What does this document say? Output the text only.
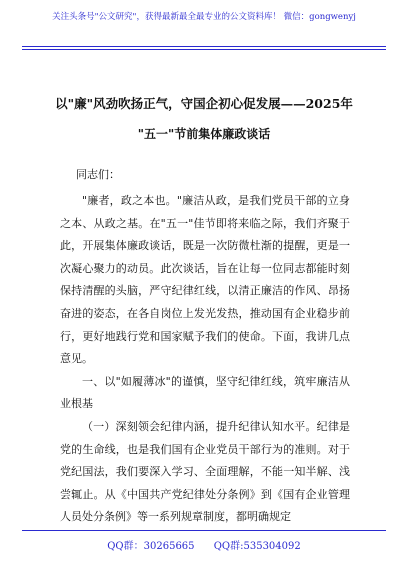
关注头条号"公文研究"，获得最新最全最专业的公文资料库！ 微信：gongwenyj
以"廉"风劲吹扬正气，守国企初心促发展——2025年
"五一"节前集体廉政谈话
同志们：

"廉者，政之本也。"廉洁从政，是我们党员干部的立身之本、从政之基。在"五一"佳节即将来临之际，我们齐聚于此，开展集体廉政谈话，既是一次防微杜渐的提醒，更是一次凝心聚力的动员。此次谈话，旨在让每一位同志都能时刻保持清醒的头脑，严守纪律红线，以清正廉洁的作风、昂扬奋进的姿态，在各自岗位上发光发热，推动国有企业稳步前行，更好地践行党和国家赋予我们的使命。下面，我讲几点意见。

一、以"如履薄冰"的谨慎，坚守纪律红线，筑牢廉洁从业根基

（一）深刻领会纪律内涵，提升纪律认知水平。纪律是党的生命线，也是我们国有企业党员干部行为的准则。对于党纪国法，我们要深入学习、全面理解，不能一知半解、浅尝辄止。从《中国共产党纪律处分条例》到《国有企业管理人员处分条例》等一系列规章制度，都明确规定

QQ群：30265665 QQ群:535304092
